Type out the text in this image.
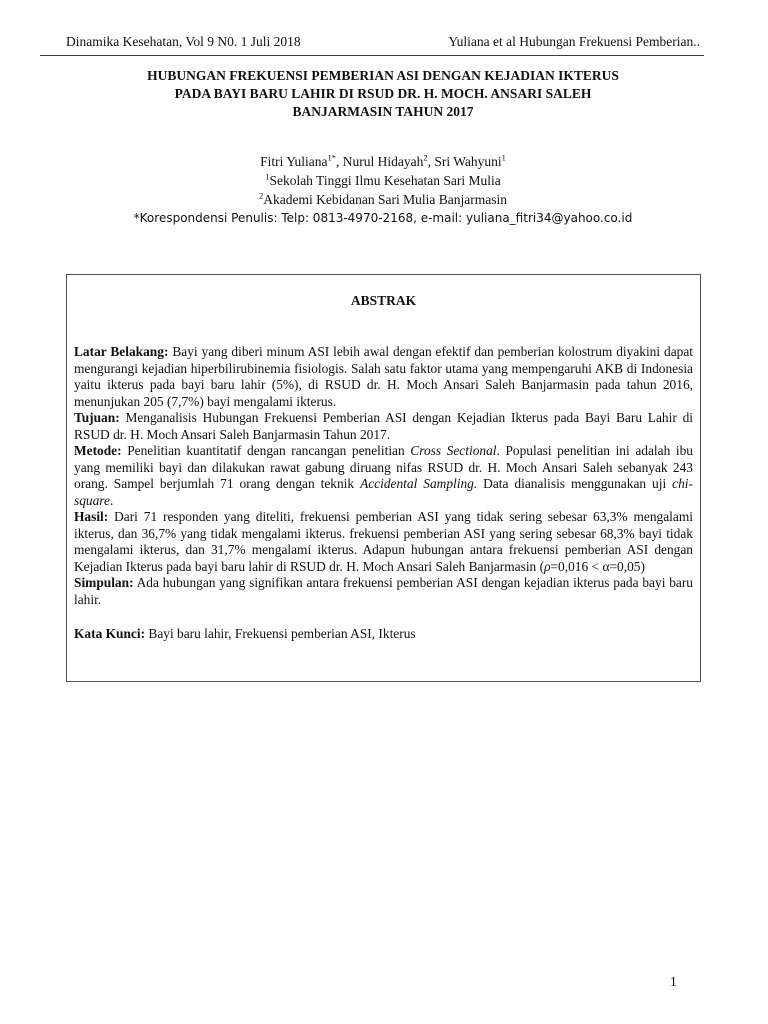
Dinamika Kesehatan, Vol 9 N0. 1 Juli 2018	Yuliana et al Hubungan Frekuensi Pemberian..
HUBUNGAN FREKUENSI PEMBERIAN ASI DENGAN KEJADIAN IKTERUS
PADA BAYI BARU LAHIR DI RSUD DR. H. MOCH. ANSARI SALEH
BANJARMASIN TAHUN 2017
Fitri Yuliana$^{1*}$, Nurul Hidayah$^2$, Sri Wahyuni$^1$
$^1$Sekolah Tinggi Ilmu Kesehatan Sari Mulia
$^2$Akademi Kebidanan Sari Mulia Banjarmasin
*Korespondensi Penulis: Telp: 0813-4970-2168, e-mail: yuliana_fitri34@yahoo.co.id
ABSTRAK

Latar Belakang: Bayi yang diberi minum ASI lebih awal dengan efektif dan pemberian kolostrum diyakini dapat mengurangi kejadian hiperbilirubinemia fisiologis. Salah satu faktor utama yang mempengaruhi AKB di Indonesia yaitu ikterus pada bayi baru lahir (5%), di RSUD dr. H. Moch Ansari Saleh Banjarmasin pada tahun 2016, menunjukan 205 (7,7%) bayi mengalami ikterus.

Tujuan: Menganalisis Hubungan Frekuensi Pemberian ASI dengan Kejadian Ikterus pada Bayi Baru Lahir di RSUD dr. H. Moch Ansari Saleh Banjarmasin Tahun 2017.

Metode: Penelitian kuantitatif dengan rancangan penelitian Cross Sectional. Populasi penelitian ini adalah ibu yang memiliki bayi dan dilakukan rawat gabung diruang nifas RSUD dr. H. Moch Ansari Saleh sebanyak 243 orang. Sampel berjumlah 71 orang dengan teknik Accidental Sampling. Data dianalisis menggunakan uji chi-square.

Hasil: Dari 71 responden yang diteliti, frekuensi pemberian ASI yang tidak sering sebesar 63,3% mengalami ikterus, dan 36,7% yang tidak mengalami ikterus. frekuensi pemberian ASI yang sering sebesar 68,3% bayi tidak mengalami ikterus, dan 31,7% mengalami ikterus. Adapun hubungan antara frekuensi pemberian ASI dengan Kejadian Ikterus pada bayi baru lahir di RSUD dr. H. Moch Ansari Saleh Banjarmasin (ρ=0,016 < α=0,05)

Simpulan: Ada hubungan yang signifikan antara frekuensi pemberian ASI dengan kejadian ikterus pada bayi baru lahir.

Kata Kunci: Bayi baru lahir, Frekuensi pemberian ASI, Ikterus

1
